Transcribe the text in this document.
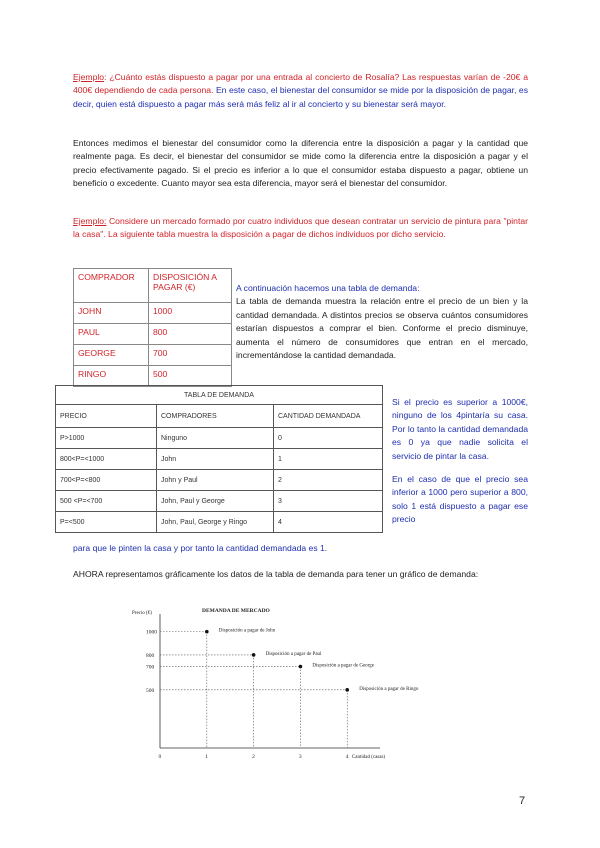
Ejemplo: ¿Cuánto estás dispuesto a pagar por una entrada al concierto de Rosalía? Las respuestas varían de -20€ a 400€ dependiendo de cada persona. En este caso, el bienestar del consumidor se mide por la disposición de pagar, es decir, quien está dispuesto a pagar más será más feliz al ir al concierto y su bienestar será mayor.

Entonces medimos el bienestar del consumidor como la diferencia entre la disposición a pagar y la cantidad que realmente paga. Es decir, el bienestar del consumidor se mide como la diferencia entre la disposición a pagar y el precio efectivamente pagado. Si el precio es inferior a lo que el consumidor estaba dispuesto a pagar, obtiene un beneficio o excedente. Cuanto mayor sea esta diferencia, mayor será el bienestar del consumidor.

Ejemplo: Considere un mercado formado por cuatro individuos que desean contratar un servicio de pintura para "pintar la casa". La siguiente tabla muestra la disposición a pagar de dichos individuos por dicho servicio.

COMPRADOR	DISPOSICIÓN A PAGAR (€)
JOHN	1000
PAUL	800
GEORGE	700
RINGO	500
A continuación hacemos una tabla de demanda:
La tabla de demanda muestra la relación entre el precio de un bien y la cantidad demandada. A distintos precios se observa cuántos consumidores estarían dispuestos a comprar el bien. Conforme el precio disminuye, aumenta el número de consumidores que entran en el mercado, incrementándose la cantidad demandada.
TABLA DE DEMANDA		
PRECIO	COMPRADORES	CANTIDAD DEMANDADA
P>1000	Ninguno	0
800<P=<1000	John	1
700<P=<800	John y Paul	2
500 <P=<700	John, Paul y George	3
P=<500	John, Paul, George y Ringo	4

Si el precio es superior a 1000€, ninguno de los 4pintaría su casa. Por lo tanto la cantidad demandada es 0 ya que nadie solicita el servicio de pintar la casa.

En el caso de que el precio sea inferior a 1000 pero superior a 800, solo 1 está dispuesto a pagar ese precio

para que le pinten la casa y por tanto la cantidad demandada es 1.

AHORA representamos gráficamente los datos de la tabla de demanda para tener un gráfico de demanda:

DEMANDA DE MERCADO
Precio (€)
Cantidad (casas)
0	1	2	3	4
1000
800
700
500
Disposición a pagar de John
Disposición a pagar de Paul
Disposición a pagar de George
Disposición a pagar de Ringo
7
